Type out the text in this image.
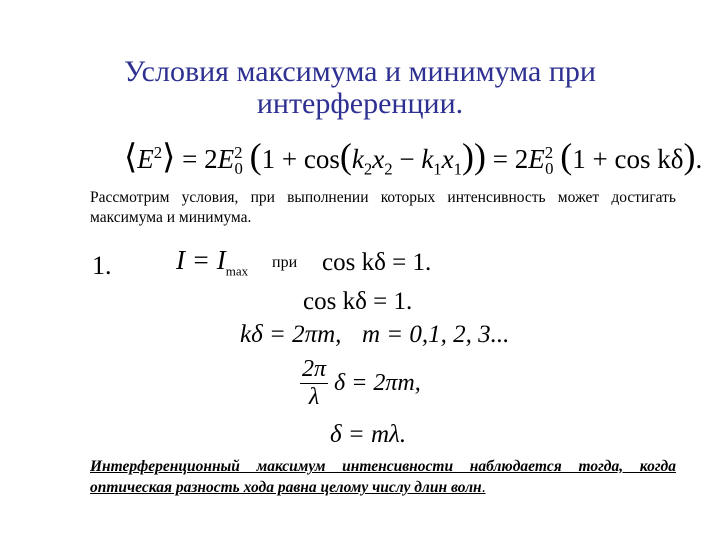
Условия максимума и минимума при
интерференции.
$⟨E^2⟩ = 2E^2_0$ $(1 + \cos(k_2x_2 - k_1x_1)) = 2E^2_0$ (1 + cos kδ).
Рассмотрим условия, при выполнении которых интенсивность может достигать максимума и минимума.
1. $I = I_{max}$ при cos kδ = 1.
cos kδ = 1.
kδ = 2πm, m = 0,1, 2, 3...
$\frac{2\pi}{\lambda}$ δ = 2πm,
δ = mλ.
Интерференционный максимум интенсивности наблюдается тогда, когда оптическая разность хода равна целому числу длин волн.
